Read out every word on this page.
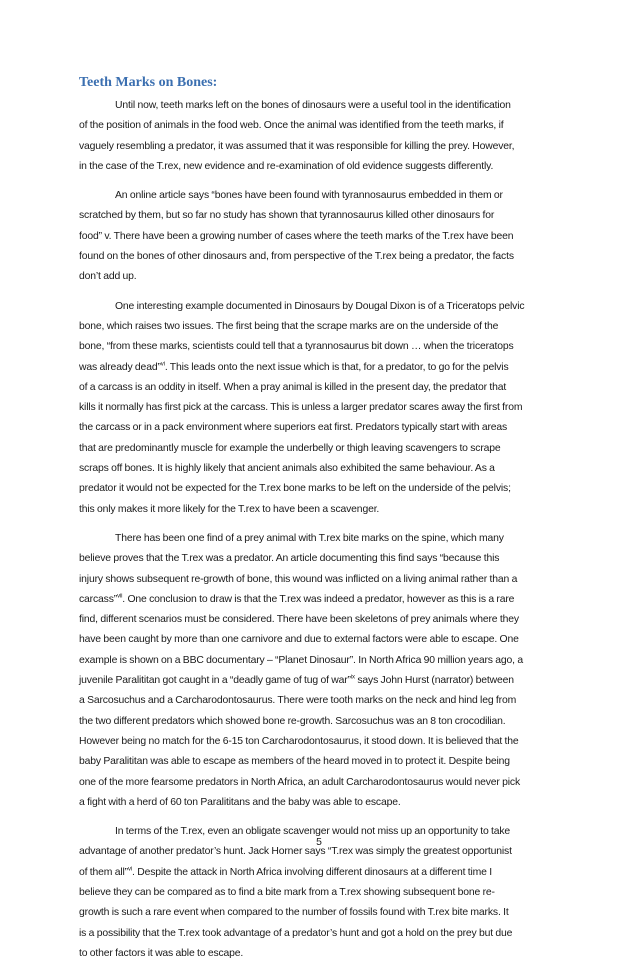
Teeth Marks on Bones:

Until now, teeth marks left on the bones of dinosaurs were a useful tool in the identification
of the position of animals in the food web. Once the animal was identified from the teeth marks, if
vaguely resembling a predator, it was assumed that it was responsible for killing the prey. However,
in the case of the T.rex, new evidence and re-examination of old evidence suggests differently.

An online article says “bones have been found with tyrannosaurus embedded in them or
scratched by them, but so far no study has shown that tyrannosaurus killed other dinosaurs for
food” v. There have been a growing number of cases where the teeth marks of the T.rex have been
found on the bones of other dinosaurs and, from perspective of the T.rex being a predator, the facts
don’t add up.

One interesting example documented in Dinosaurs by Dougal Dixon is of a Triceratops pelvic
bone, which raises two issues. The first being that the scrape marks are on the underside of the
bone, “from these marks, scientists could tell that a tyrannosaurus bit down … when the triceratops
was already dead”$^{vi}$. This leads onto the next issue which is that, for a predator, to go for the pelvis
of a carcass is an oddity in itself. When a pray animal is killed in the present day, the predator that
kills it normally has first pick at the carcass. This is unless a larger predator scares away the first from
the carcass or in a pack environment where superiors eat first. Predators typically start with areas
that are predominantly muscle for example the underbelly or thigh leaving scavengers to scrape
scraps off bones. It is highly likely that ancient animals also exhibited the same behaviour. As a
predator it would not be expected for the T.rex bone marks to be left on the underside of the pelvis;
this only makes it more likely for the T.rex to have been a scavenger.

There has been one find of a prey animal with T.rex bite marks on the spine, which many
believe proves that the T.rex was a predator. An article documenting this find says “because this
injury shows subsequent re-growth of bone, this wound was inflicted on a living animal rather than a
carcass”$^{vii}$. One conclusion to draw is that the T.rex was indeed a predator, however as this is a rare
find, different scenarios must be considered. There have been skeletons of prey animals where they
have been caught by more than one carnivore and due to external factors were able to escape. One
example is shown on a BBC documentary – “Planet Dinosaur”. In North Africa 90 million years ago, a
juvenile Paralititan got caught in a “deadly game of tug of war”$^{ix}$ says John Hurst (narrator) between
a Sarcosuchus and a Carcharodontosaurus. There were tooth marks on the neck and hind leg from
the two different predators which showed bone re-growth. Sarcosuchus was an 8 ton crocodilian.
However being no match for the 6-15 ton Carcharodontosaurus, it stood down. It is believed that the
baby Paralititan was able to escape as members of the heard moved in to protect it. Despite being
one of the more fearsome predators in North Africa, an adult Carcharodontosaurus would never pick
a fight with a herd of 60 ton Paralititans and the baby was able to escape.

In terms of the T.rex, even an obligate scavenger would not miss up an opportunity to take
advantage of another predator’s hunt. Jack Horner says “T.rex was simply the greatest opportunist
of them all”$^{vi}$. Despite the attack in North Africa involving different dinosaurs at a different time I
believe they can be compared as to find a bite mark from a T.rex showing subsequent bone re-
growth is such a rare event when compared to the number of fossils found with T.rex bite marks. It
is a possibility that the T.rex took advantage of a predator’s hunt and got a hold on the prey but due
to other factors it was able to escape.

5
